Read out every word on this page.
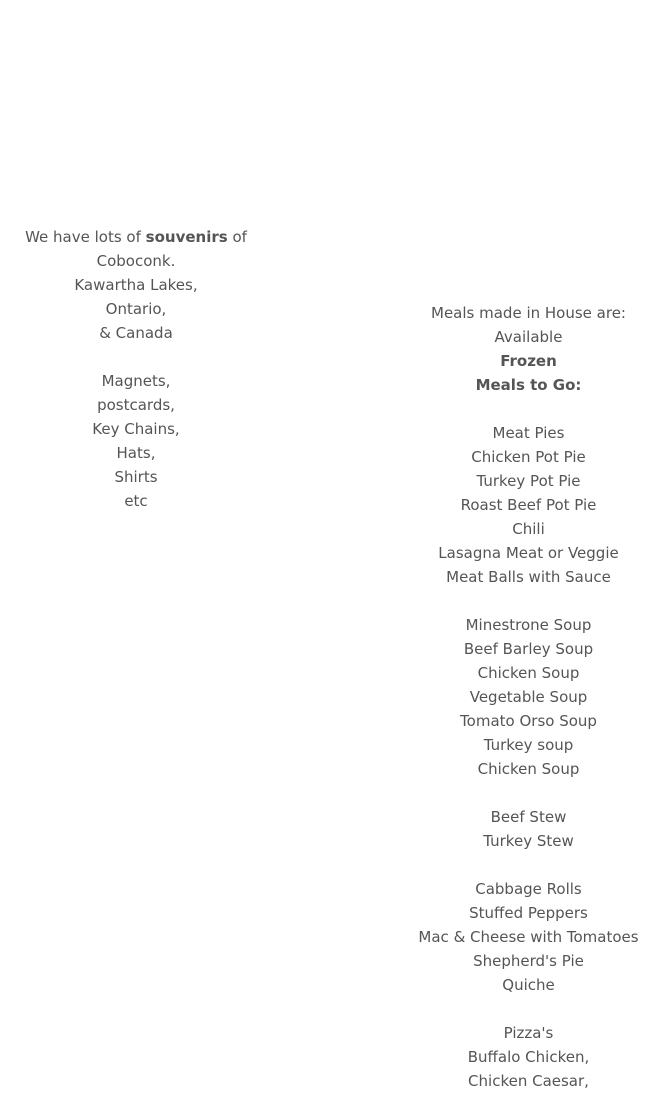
We have lots of souvenirs of
Coboconk.
Kawartha Lakes,
Ontario,
& Canada
Magnets,
postcards,
Key Chains,
Hats,
Shirts
etc
Meals made in House are:
Available
Frozen
Meals to Go:
Meat Pies
Chicken Pot Pie
Turkey Pot Pie
Roast Beef Pot Pie
Chili
Lasagna Meat or Veggie
Meat Balls with Sauce
Minestrone Soup
Beef Barley Soup
Chicken Soup
Vegetable Soup
Tomato Orso Soup
Turkey soup
Chicken Soup
Beef Stew
Turkey Stew
Cabbage Rolls
Stuffed Peppers
Mac & Cheese with Tomatoes
Shepherd's Pie
Quiche
Pizza's
Buffalo Chicken,
Chicken Caesar,
